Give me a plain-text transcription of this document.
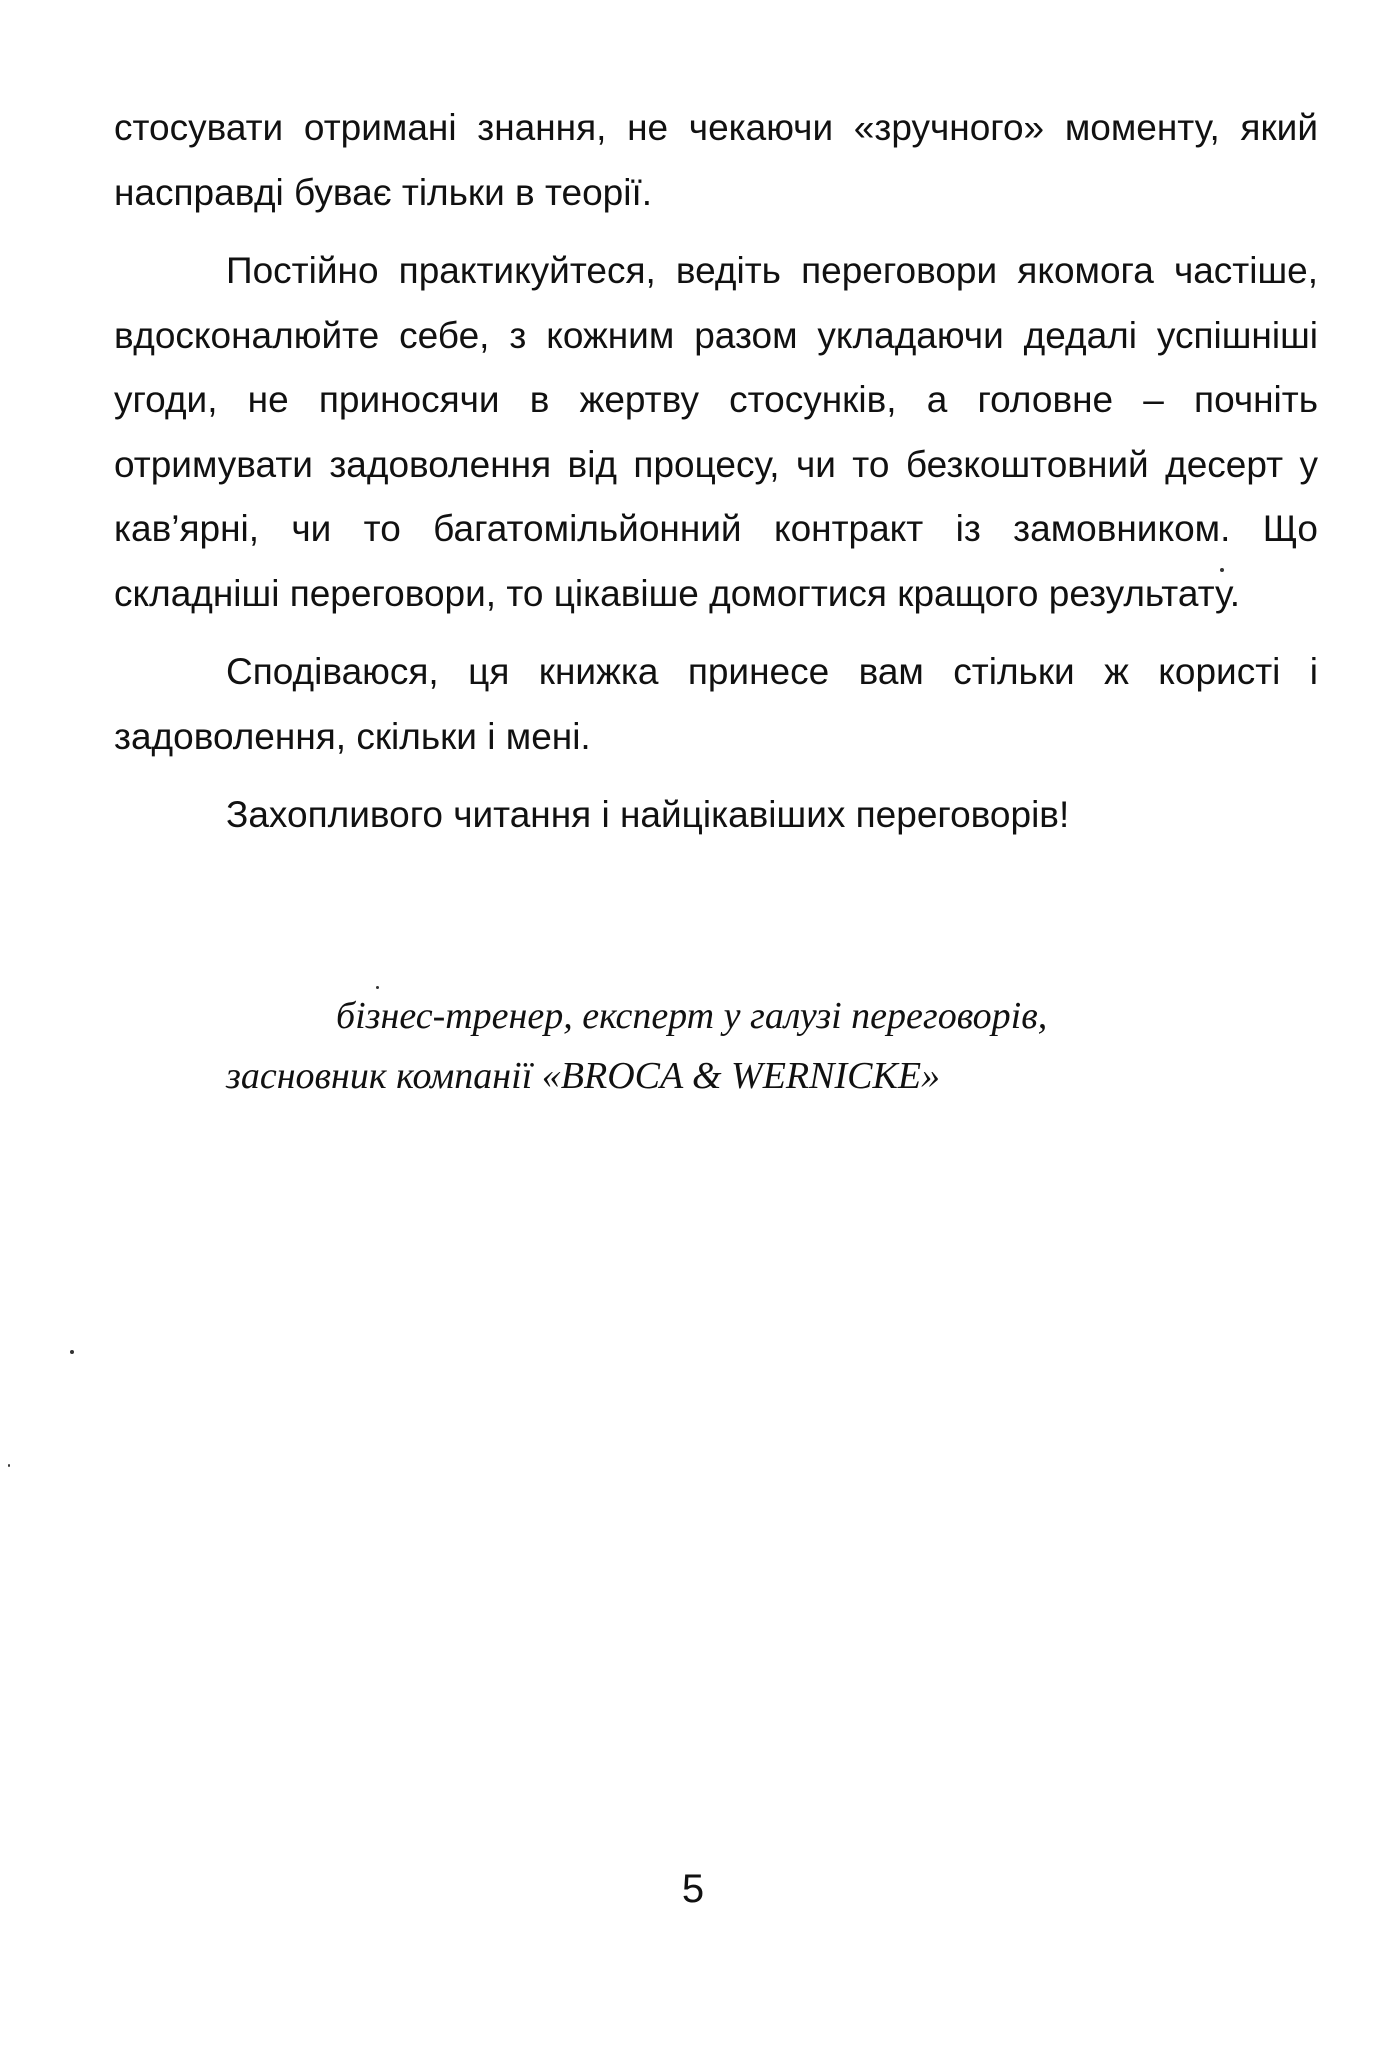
стосувати отримані знання, не чекаючи «зручного» моменту, який насправді буває тільки в теорії.

Постійно практикуйтеся, ведіть переговори якомога частіше, вдосконалюйте себе, з кожним разом укладаючи дедалі успішніші угоди, не приносячи в жертву стосунків, а головне – почніть отримувати задоволення від процесу, чи то безкоштовний десерт у кав’ярні, чи то багатомільйонний контракт із замовником. Що складніші переговори, то цікавіше домогтися кращого результату.

Сподіваюся, ця книжка принесе вам стільки ж користі і задоволення, скільки і мені.

Захопливого читання і найцікавіших переговорів!

бізнес-тренер, експерт у галузі переговорів,
засновник компанії «BROCA & WERNICKE»
5
